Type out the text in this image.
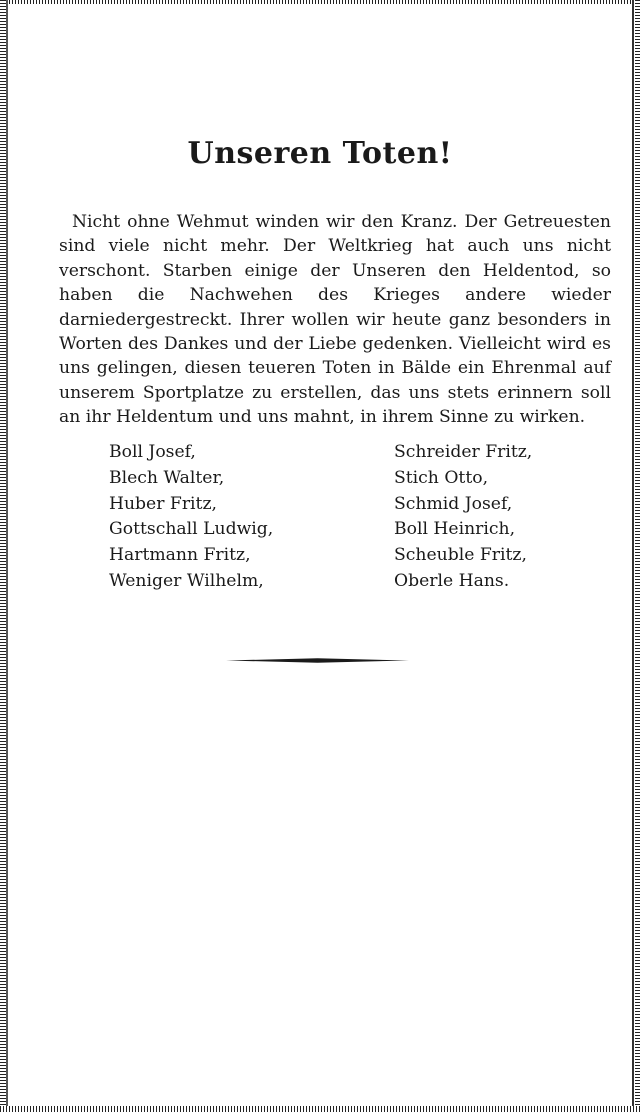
Unseren Toten!

Nicht ohne Wehmut winden wir den Kranz. Der Getreuesten sind viele nicht mehr. Der Weltkrieg hat auch uns nicht verschont. Starben einige der Unseren den Heldentod, so haben die Nachwehen des Krieges andere wieder darniedergestreckt. Ihrer wollen wir heute ganz besonders in Worten des Dankes und der Liebe gedenken. Vielleicht wird es uns gelingen, diesen teueren Toten in Bälde ein Ehrenmal auf unserem Sportplatze zu erstellen, das uns stets erinnern soll an ihr Heldentum und uns mahnt, in ihrem Sinne zu wirken.

Boll Josef,
Blech Walter,
Huber Fritz,
Gottschall Ludwig,
Hartmann Fritz,
Weniger Wilhelm,
Schreider Fritz,
Stich Otto,
Schmid Josef,
Boll Heinrich,
Scheuble Fritz,
Oberle Hans.
